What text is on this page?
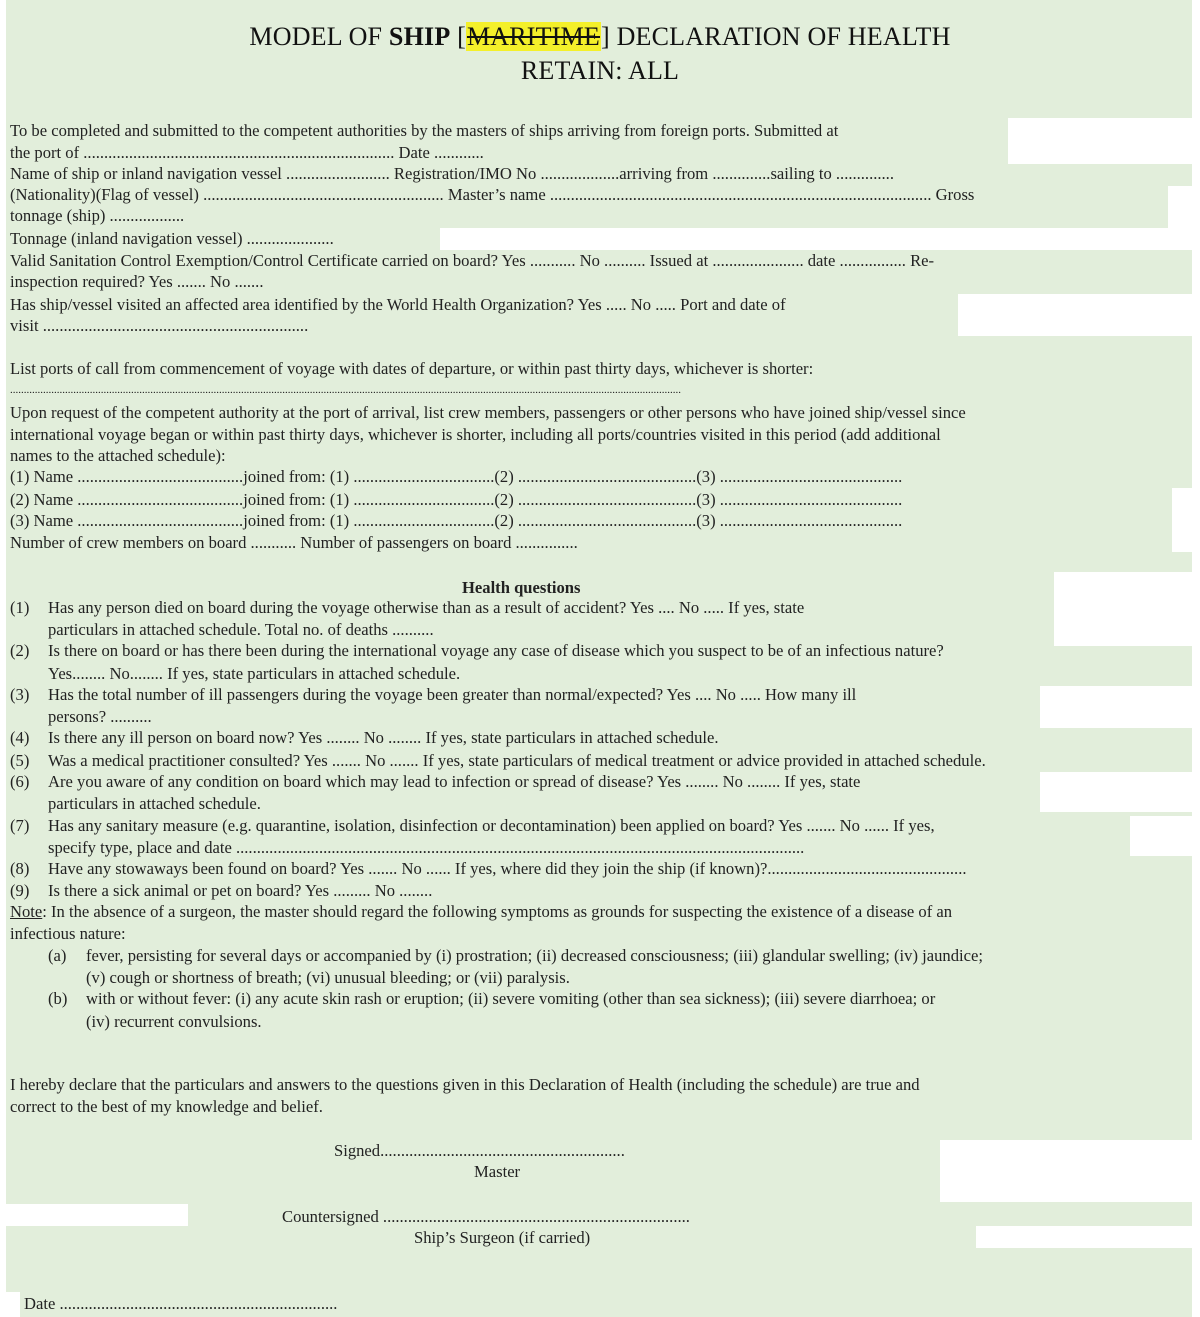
MODEL OF SHIP [MARITIME] DECLARATION OF HEALTH
RETAIN: ALL
To be completed and submitted to the competent authorities by the masters of ships arriving from foreign ports. Submitted at
the port of ........................................................................... Date ............
Name of ship or inland navigation vessel ......................... Registration/IMO No ...................arriving from ..............sailing to ..............
(Nationality)(Flag of vessel) .......................................................... Master’s name ............................................................................................ Gross
tonnage (ship) ..................
Tonnage (inland navigation vessel) .....................
Valid Sanitation Control Exemption/Control Certificate carried on board? Yes ........... No .......... Issued at ...................... date ................ Re-
inspection required? Yes ....... No .......
Has ship/vessel visited an affected area identified by the World Health Organization? Yes ..... No ..... Port and date of
visit ................................................................
List ports of call from commencement of voyage with dates of departure, or within past thirty days, whichever is shorter:
....................................................................................................................................................................................................................................................
Upon request of the competent authority at the port of arrival, list crew members, passengers or other persons who have joined ship/vessel since
international voyage began or within past thirty days, whichever is shorter, including all ports/countries visited in this period (add additional
names to the attached schedule):
(1) Name ........................................joined from: (1) ..................................(2) ...........................................(3) ............................................
(2) Name ........................................joined from: (1) ..................................(2) ...........................................(3) ............................................
(3) Name ........................................joined from: (1) ..................................(2) ...........................................(3) ............................................
Number of crew members on board ........... Number of passengers on board ...............
Health questions
(1) Has any person died on board during the voyage otherwise than as a result of accident? Yes .... No ..... If yes, state
particulars in attached schedule. Total no. of deaths ..........
(2) Is there on board or has there been during the international voyage any case of disease which you suspect to be of an infectious nature?
Yes........ No........ If yes, state particulars in attached schedule.
(3) Has the total number of ill passengers during the voyage been greater than normal/expected? Yes .... No ..... How many ill
persons? ..........
(4) Is there any ill person on board now? Yes ........ No ........ If yes, state particulars in attached schedule.
(5) Was a medical practitioner consulted? Yes ....... No ....... If yes, state particulars of medical treatment or advice provided in attached schedule.
(6) Are you aware of any condition on board which may lead to infection or spread of disease? Yes ........ No ........ If yes, state
particulars in attached schedule.
(7) Has any sanitary measure (e.g. quarantine, isolation, disinfection or decontamination) been applied on board? Yes ....... No ...... If yes,
specify type, place and date .........................................................................................................................................
(8) Have any stowaways been found on board? Yes ....... No ...... If yes, where did they join the ship (if known)?................................................
(9) Is there a sick animal or pet on board? Yes ......... No ........
Note: In the absence of a surgeon, the master should regard the following symptoms as grounds for suspecting the existence of a disease of an
infectious nature:
(a) fever, persisting for several days or accompanied by (i) prostration; (ii) decreased consciousness; (iii) glandular swelling; (iv) jaundice;
(v) cough or shortness of breath; (vi) unusual bleeding; or (vii) paralysis.
(b) with or without fever: (i) any acute skin rash or eruption; (ii) severe vomiting (other than sea sickness); (iii) severe diarrhoea; or
(iv) recurrent convulsions.
I hereby declare that the particulars and answers to the questions given in this Declaration of Health (including the schedule) are true and
correct to the best of my knowledge and belief.
Signed...........................................................
Master
Countersigned ..........................................................................
Ship’s Surgeon (if carried)
Date ...................................................................
